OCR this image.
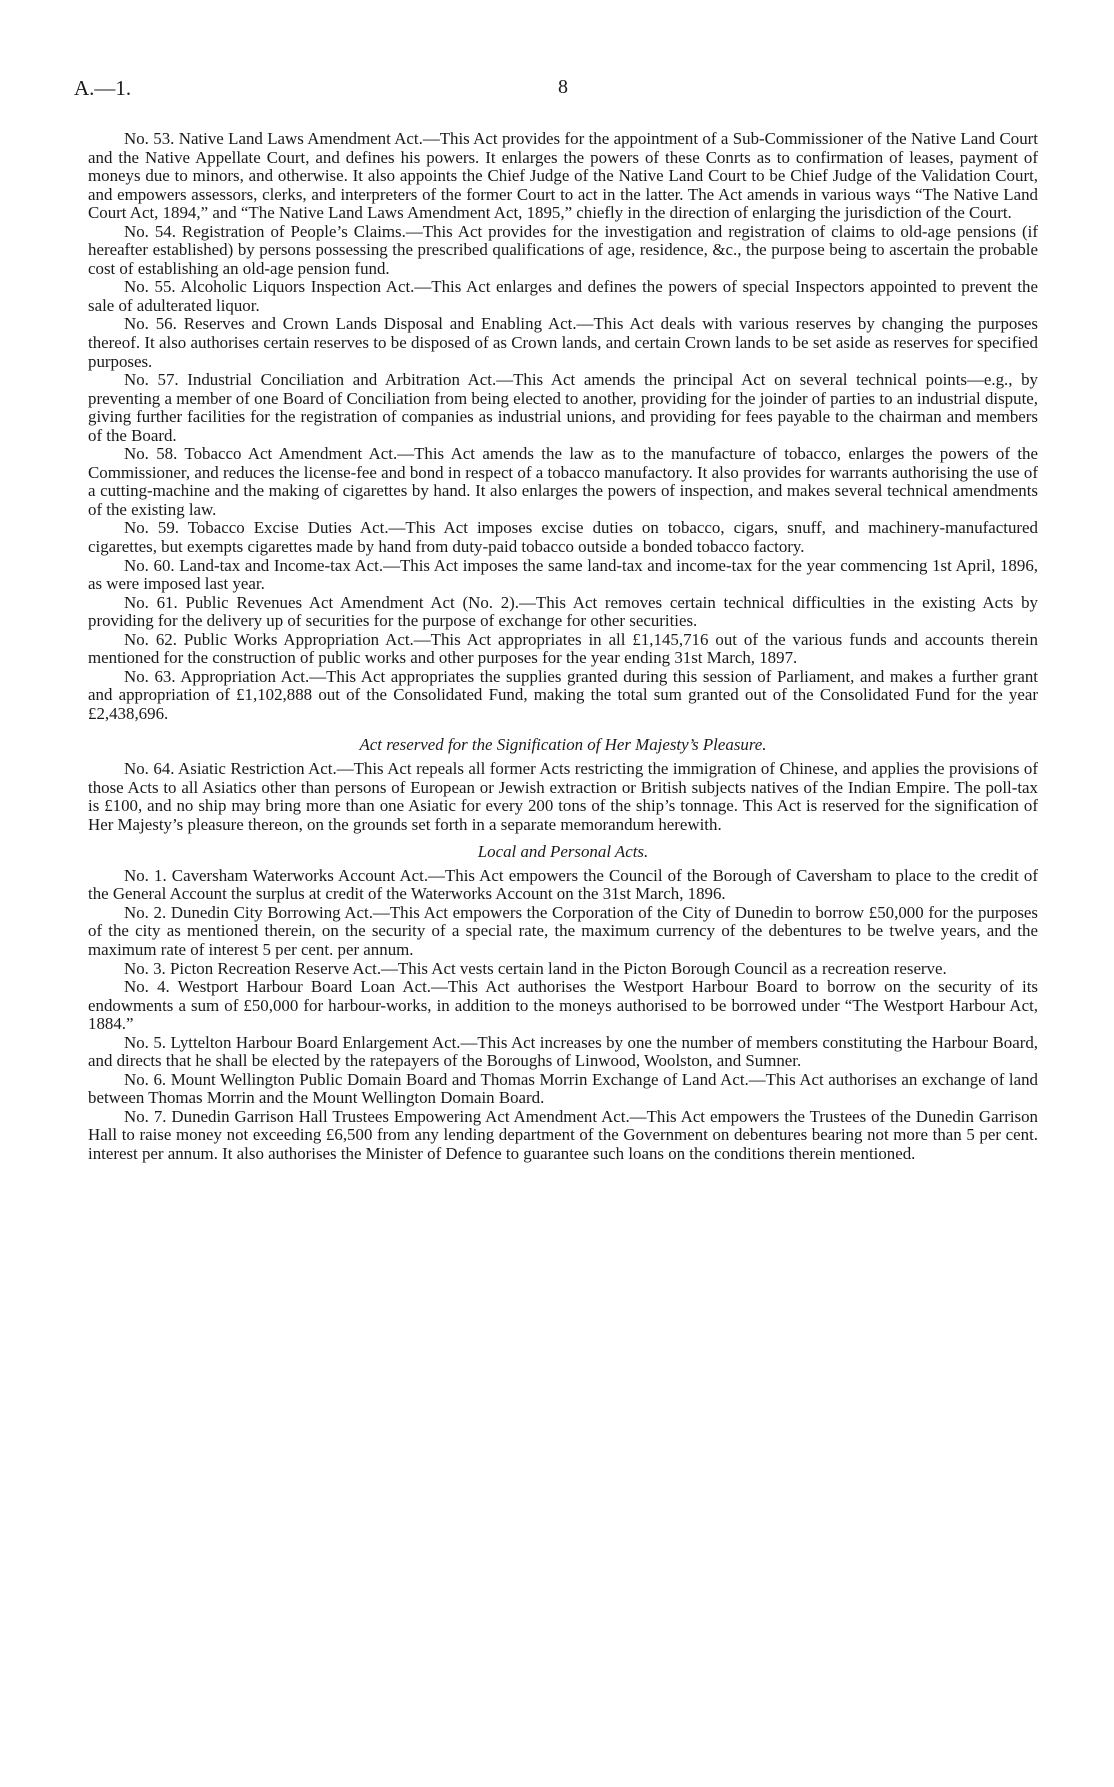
A.—1.	8

No. 53. Native Land Laws Amendment Act.—This Act provides for the appointment of a Sub-Commissioner of the Native Land Court and the Native Appellate Court, and defines his powers. It enlarges the powers of these Conrts as to confirmation of leases, payment of moneys due to minors, and otherwise. It also appoints the Chief Judge of the Native Land Court to be Chief Judge of the Validation Court, and empowers assessors, clerks, and interpreters of the former Court to act in the latter. The Act amends in various ways “The Native Land Court Act, 1894,” and “The Native Land Laws Amendment Act, 1895,” chiefly in the direction of enlarging the jurisdiction of the Court.

No. 54. Registration of People’s Claims.—This Act provides for the investigation and registration of claims to old-age pensions (if hereafter established) by persons possessing the prescribed qualifications of age, residence, &c., the purpose being to ascertain the probable cost of establishing an old-age pension fund.

No. 55. Alcoholic Liquors Inspection Act.—This Act enlarges and defines the powers of special Inspectors appointed to prevent the sale of adulterated liquor.

No. 56. Reserves and Crown Lands Disposal and Enabling Act.—This Act deals with various reserves by changing the purposes thereof. It also authorises certain reserves to be disposed of as Crown lands, and certain Crown lands to be set aside as reserves for specified purposes.

No. 57. Industrial Conciliation and Arbitration Act.—This Act amends the principal Act on several technical points—e.g., by preventing a member of one Board of Conciliation from being elected to another, providing for the joinder of parties to an industrial dispute, giving further facilities for the registration of companies as industrial unions, and providing for fees payable to the chairman and members of the Board.

No. 58. Tobacco Act Amendment Act.—This Act amends the law as to the manufacture of tobacco, enlarges the powers of the Commissioner, and reduces the license-fee and bond in respect of a tobacco manufactory. It also provides for warrants authorising the use of a cutting-machine and the making of cigarettes by hand. It also enlarges the powers of inspection, and makes several technical amendments of the existing law.

No. 59. Tobacco Excise Duties Act.—This Act imposes excise duties on tobacco, cigars, snuff, and machinery-manufactured cigarettes, but exempts cigarettes made by hand from duty-paid tobacco outside a bonded tobacco factory.

No. 60. Land-tax and Income-tax Act.—This Act imposes the same land-tax and income-tax for the year commencing 1st April, 1896, as were imposed last year.

No. 61. Public Revenues Act Amendment Act (No. 2).—This Act removes certain technical difficulties in the existing Acts by providing for the delivery up of securities for the purpose of exchange for other securities.

No. 62. Public Works Appropriation Act.—This Act appropriates in all £1,145,716 out of the various funds and accounts therein mentioned for the construction of public works and other purposes for the year ending 31st March, 1897.

No. 63. Appropriation Act.—This Act appropriates the supplies granted during this session of Parliament, and makes a further grant and appropriation of £1,102,888 out of the Consolidated Fund, making the total sum granted out of the Consolidated Fund for the year £2,438,696.

Act reserved for the Signification of Her Majesty’s Pleasure.

No. 64. Asiatic Restriction Act.—This Act repeals all former Acts restricting the immigration of Chinese, and applies the provisions of those Acts to all Asiatics other than persons of European or Jewish extraction or British subjects natives of the Indian Empire. The poll-tax is £100, and no ship may bring more than one Asiatic for every 200 tons of the ship’s tonnage. This Act is reserved for the signification of Her Majesty’s pleasure thereon, on the grounds set forth in a separate memorandum herewith.

Local and Personal Acts.

No. 1. Caversham Waterworks Account Act.—This Act empowers the Council of the Borough of Caversham to place to the credit of the General Account the surplus at credit of the Waterworks Account on the 31st March, 1896.

No. 2. Dunedin City Borrowing Act.—This Act empowers the Corporation of the City of Dunedin to borrow £50,000 for the purposes of the city as mentioned therein, on the security of a special rate, the maximum currency of the debentures to be twelve years, and the maximum rate of interest 5 per cent. per annum.

No. 3. Picton Recreation Reserve Act.—This Act vests certain land in the Picton Borough Council as a recreation reserve.

No. 4. Westport Harbour Board Loan Act.—This Act authorises the Westport Harbour Board to borrow on the security of its endowments a sum of £50,000 for harbour-works, in addition to the moneys authorised to be borrowed under “The Westport Harbour Act, 1884.”

No. 5. Lyttelton Harbour Board Enlargement Act.—This Act increases by one the number of members constituting the Harbour Board, and directs that he shall be elected by the ratepayers of the Boroughs of Linwood, Woolston, and Sumner.

No. 6. Mount Wellington Public Domain Board and Thomas Morrin Exchange of Land Act.—This Act authorises an exchange of land between Thomas Morrin and the Mount Wellington Domain Board.

No. 7. Dunedin Garrison Hall Trustees Empowering Act Amendment Act.—This Act empowers the Trustees of the Dunedin Garrison Hall to raise money not exceeding £6,500 from any lending department of the Government on debentures bearing not more than 5 per cent. interest per annum. It also authorises the Minister of Defence to guarantee such loans on the conditions therein mentioned.
